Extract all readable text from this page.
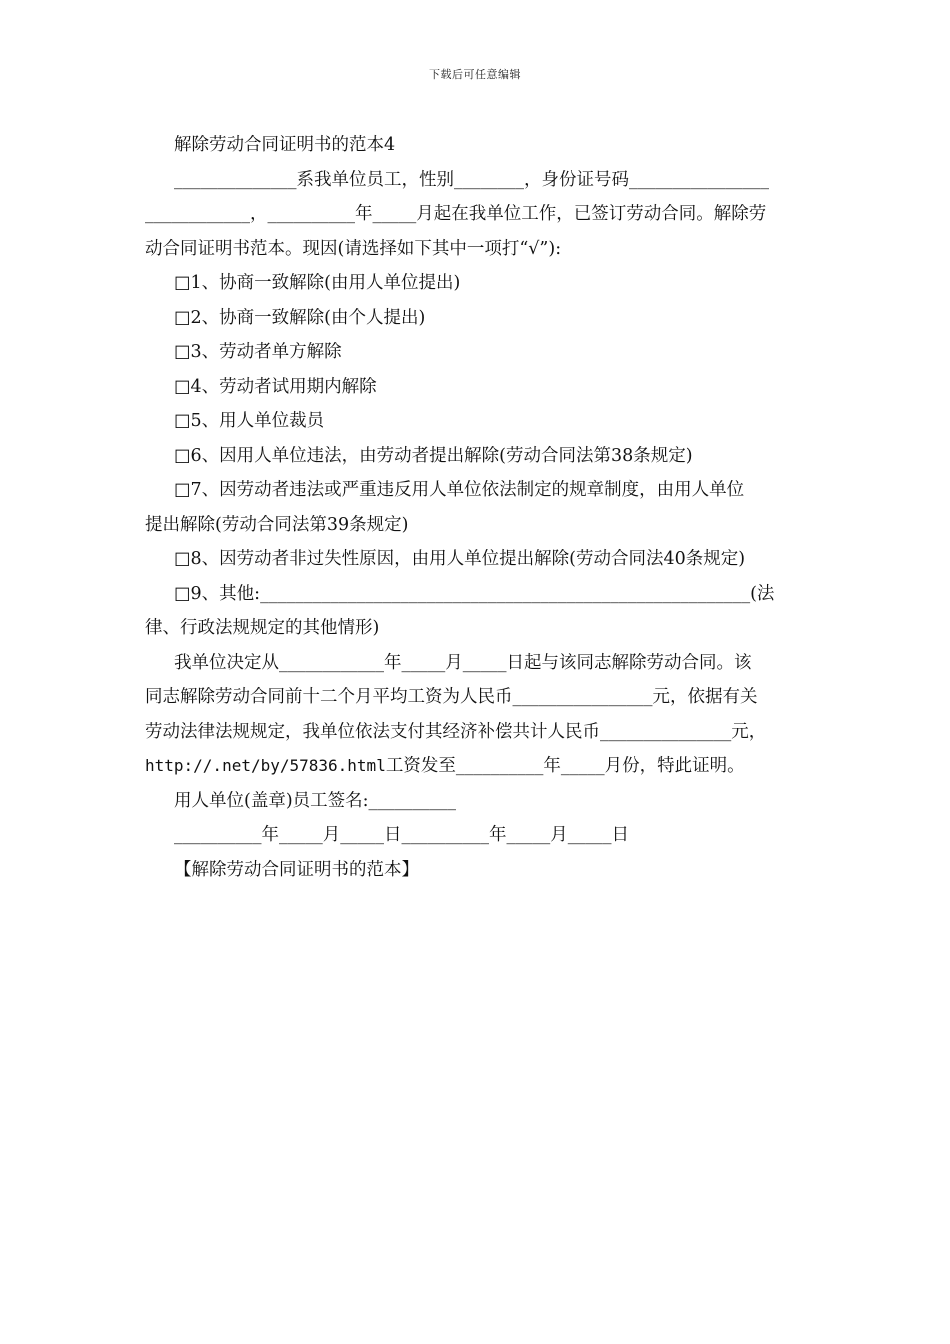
下载后可任意编辑
解除劳动合同证明书的范本4
______________系我单位员工，性别________，身份证号码________________
____________，__________年_____月起在我单位工作，已签订劳动合同。解除劳
动合同证明书范本。现因(请选择如下其中一项打“√”):
□1、协商一致解除(由用人单位提出)
□2、协商一致解除(由个人提出)
□3、劳动者单方解除
□4、劳动者试用期内解除
□5、用人单位裁员
□6、因用人单位违法，由劳动者提出解除(劳动合同法第38条规定)
□7、因劳动者违法或严重违反用人单位依法制定的规章制度，由用人单位
提出解除(劳动合同法第39条规定)
□8、因劳动者非过失性原因，由用人单位提出解除(劳动合同法40条规定)
□9、其他:________________________________________________________(法
律、行政法规规定的其他情形)
我单位决定从____________年_____月_____日起与该同志解除劳动合同。该
同志解除劳动合同前十二个月平均工资为人民币________________元，依据有关
劳动法律法规规定，我单位依法支付其经济补偿共计人民币_______________元，
http://.net/by/57836.html工资发至__________年_____月份，特此证明。
用人单位(盖章)员工签名:__________
__________年_____月_____日__________年_____月_____日
【解除劳动合同证明书的范本】
